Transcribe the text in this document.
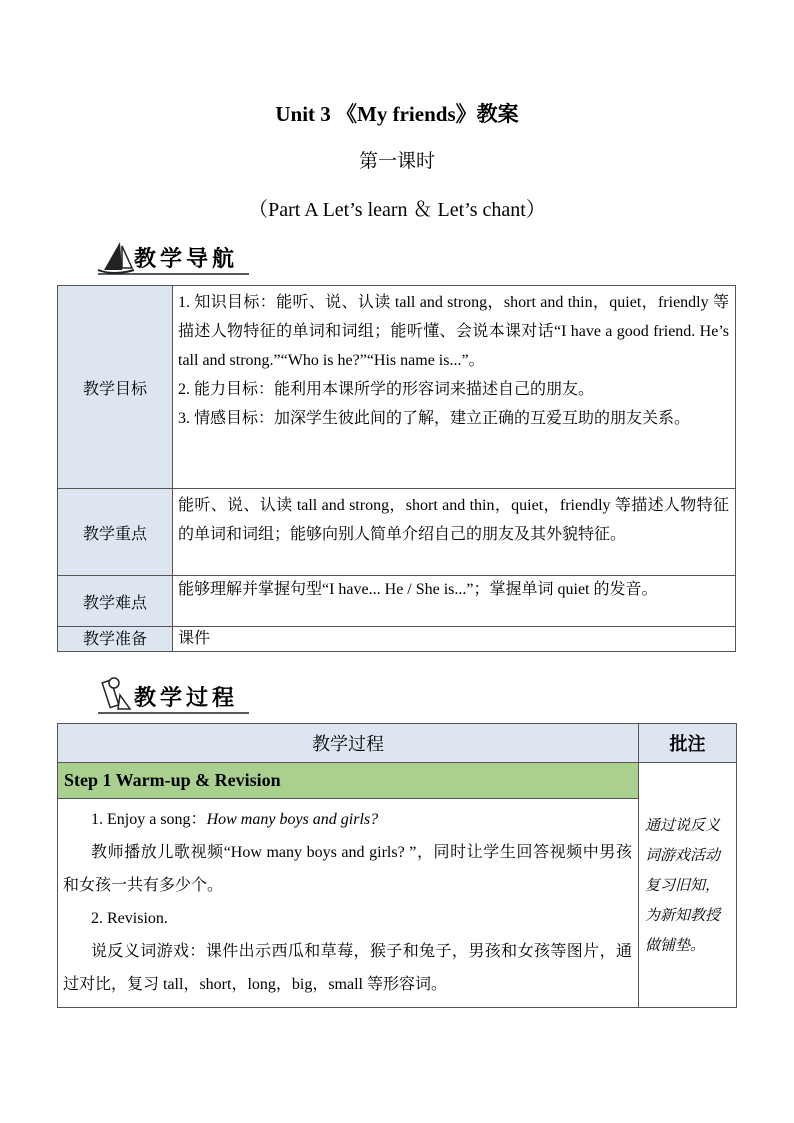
Unit 3 《My friends》教案
第一课时
（Part A Let’s learn ＆ Let’s chant）
教学导航
教学目标	1. 知识目标：能听、说、认读 tall and strong，short and thin，quiet，friendly 等描述人物特征的单词和词组；能听懂、会说本课对话“I have a good friend. He’s tall and strong.”“Who is he?”“His name is...”。
2. 能力目标：能利用本课所学的形容词来描述自己的朋友。
3. 情感目标：加深学生彼此间的了解，建立正确的互爱互助的朋友关系。

教学重点	能听、说、认读 tall and strong，short and thin，quiet，friendly 等描述人物特征的单词和词组；能够向别人简单介绍自己的朋友及其外貌特征。

教学难点	能够理解并掌握句型“I have... He / She is...”；掌握单词 quiet 的发音。

教学准备	课件
教学过程
教学过程	批注
Step 1 Warm-up & Revision	通过说反义词游戏活动复习旧知，为新知教授做铺垫。

1. Enjoy a song：How many boys and girls?

教师播放儿歌视频“How many boys and girls? ”，同时让学生回答视频中男孩和女孩一共有多少个。

2. Revision.

说反义词游戏：课件出示西瓜和草莓，猴子和兔子，男孩和女孩等图片，通过对比，复习 tall，short，long，big，small 等形容词。	
